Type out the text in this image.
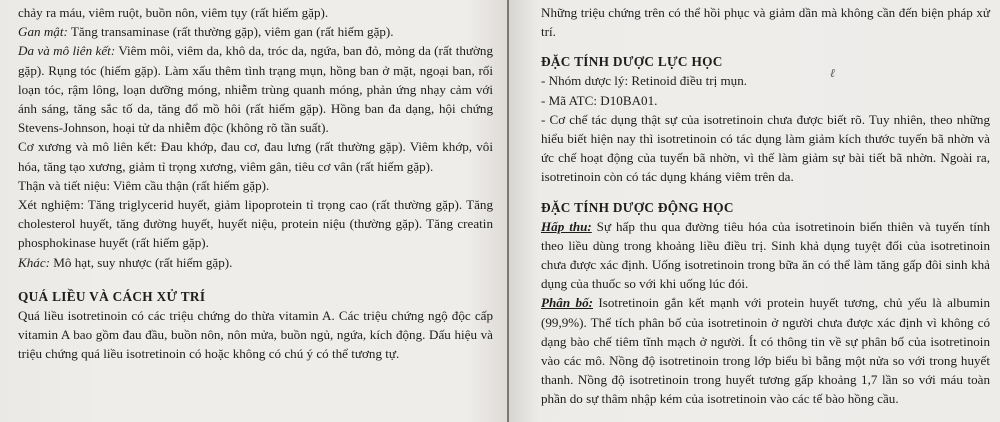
chảy ra máu, viêm ruột, buồn nôn, viêm tụy (rất hiếm gặp).

Gan mật: Tăng transaminase (rất thường gặp), viêm gan (rất hiếm gặp).

Da và mô liên kết: Viêm môi, viêm da, khô da, tróc da, ngứa, ban đỏ, mỏng da (rất thường gặp). Rụng tóc (hiếm gặp). Làm xấu thêm tình trạng mụn, hồng ban ở mặt, ngoại ban, rối loạn tóc, rậm lông, loạn dưỡng móng, nhiễm trùng quanh móng, phản ứng nhạy cảm với ánh sáng, tăng sắc tố da, tăng đổ mồ hôi (rất hiếm gặp). Hồng ban đa dạng, hội chứng Stevens-Johnson, hoại tử da nhiễm độc (không rõ tần suất).

Cơ xương và mô liên kết: Đau khớp, đau cơ, đau lưng (rất thường gặp). Viêm khớp, vôi hóa, tăng tạo xương, giảm tỉ trọng xương, viêm gân, tiêu cơ vân (rất hiếm gặp).

Thận và tiết niệu: Viêm cầu thận (rất hiếm gặp).

Xét nghiệm: Tăng triglycerid huyết, giảm lipoprotein tỉ trọng cao (rất thường gặp). Tăng cholesterol huyết, tăng đường huyết, huyết niệu, protein niệu (thường gặp). Tăng creatin phosphokinase huyết (rất hiếm gặp).

Khác: Mô hạt, suy nhược (rất hiếm gặp).

QUÁ LIỀU VÀ CÁCH XỬ TRÍ

Quá liều isotretinoin có các triệu chứng do thừa vitamin A. Các triệu chứng ngộ độc cấp vitamin A bao gồm đau đầu, buồn nôn, nôn mửa, buồn ngủ, ngứa, kích động. Dấu hiệu và triệu chứng quá liều isotretinoin có hoặc không có chú ý có thể tương tự.

Những triệu chứng trên có thể hồi phục và giảm dần mà không cần đến biện pháp xử trí.

ĐẶC TÍNH DƯỢC LỰC HỌC

- Nhóm dược lý: Retinoid điều trị mụn.

- Mã ATC: D10BA01.

- Cơ chế tác dụng thật sự của isotretinoin chưa được biết rõ. Tuy nhiên, theo những hiểu biết hiện nay thì isotretinoin có tác dụng làm giảm kích thước tuyến bã nhờn và ức chế hoạt động của tuyến bã nhờn, vì thế làm giảm sự bài tiết bã nhờn. Ngoài ra, isotretinoin còn có tác dụng kháng viêm trên da.

ĐẶC TÍNH DƯỢC ĐỘNG HỌC

Hấp thu: Sự hấp thu qua đường tiêu hóa của isotretinoin biến thiên và tuyến tính theo liều dùng trong khoảng liều điều trị. Sinh khả dụng tuyệt đối của isotretinoin chưa được xác định. Uống isotretinoin trong bữa ăn có thể làm tăng gấp đôi sinh khả dụng của thuốc so với khi uống lúc đói.

Phân bố: Isotretinoin gắn kết mạnh với protein huyết tương, chủ yếu là albumin (99,9%). Thể tích phân bố của isotretinoin ở người chưa được xác định vì không có dạng bào chế tiêm tĩnh mạch ở người. Ít có thông tin về sự phân bố của isotretinoin vào các mô. Nồng độ isotretinoin trong lớp biểu bì bằng một nửa so với trong huyết thanh. Nồng độ isotretinoin trong huyết tương gấp khoảng 1,7 lần so với máu toàn phần do sự thâm nhập kém của isotretinoin vào các tế bào hồng cầu.

ℓ
